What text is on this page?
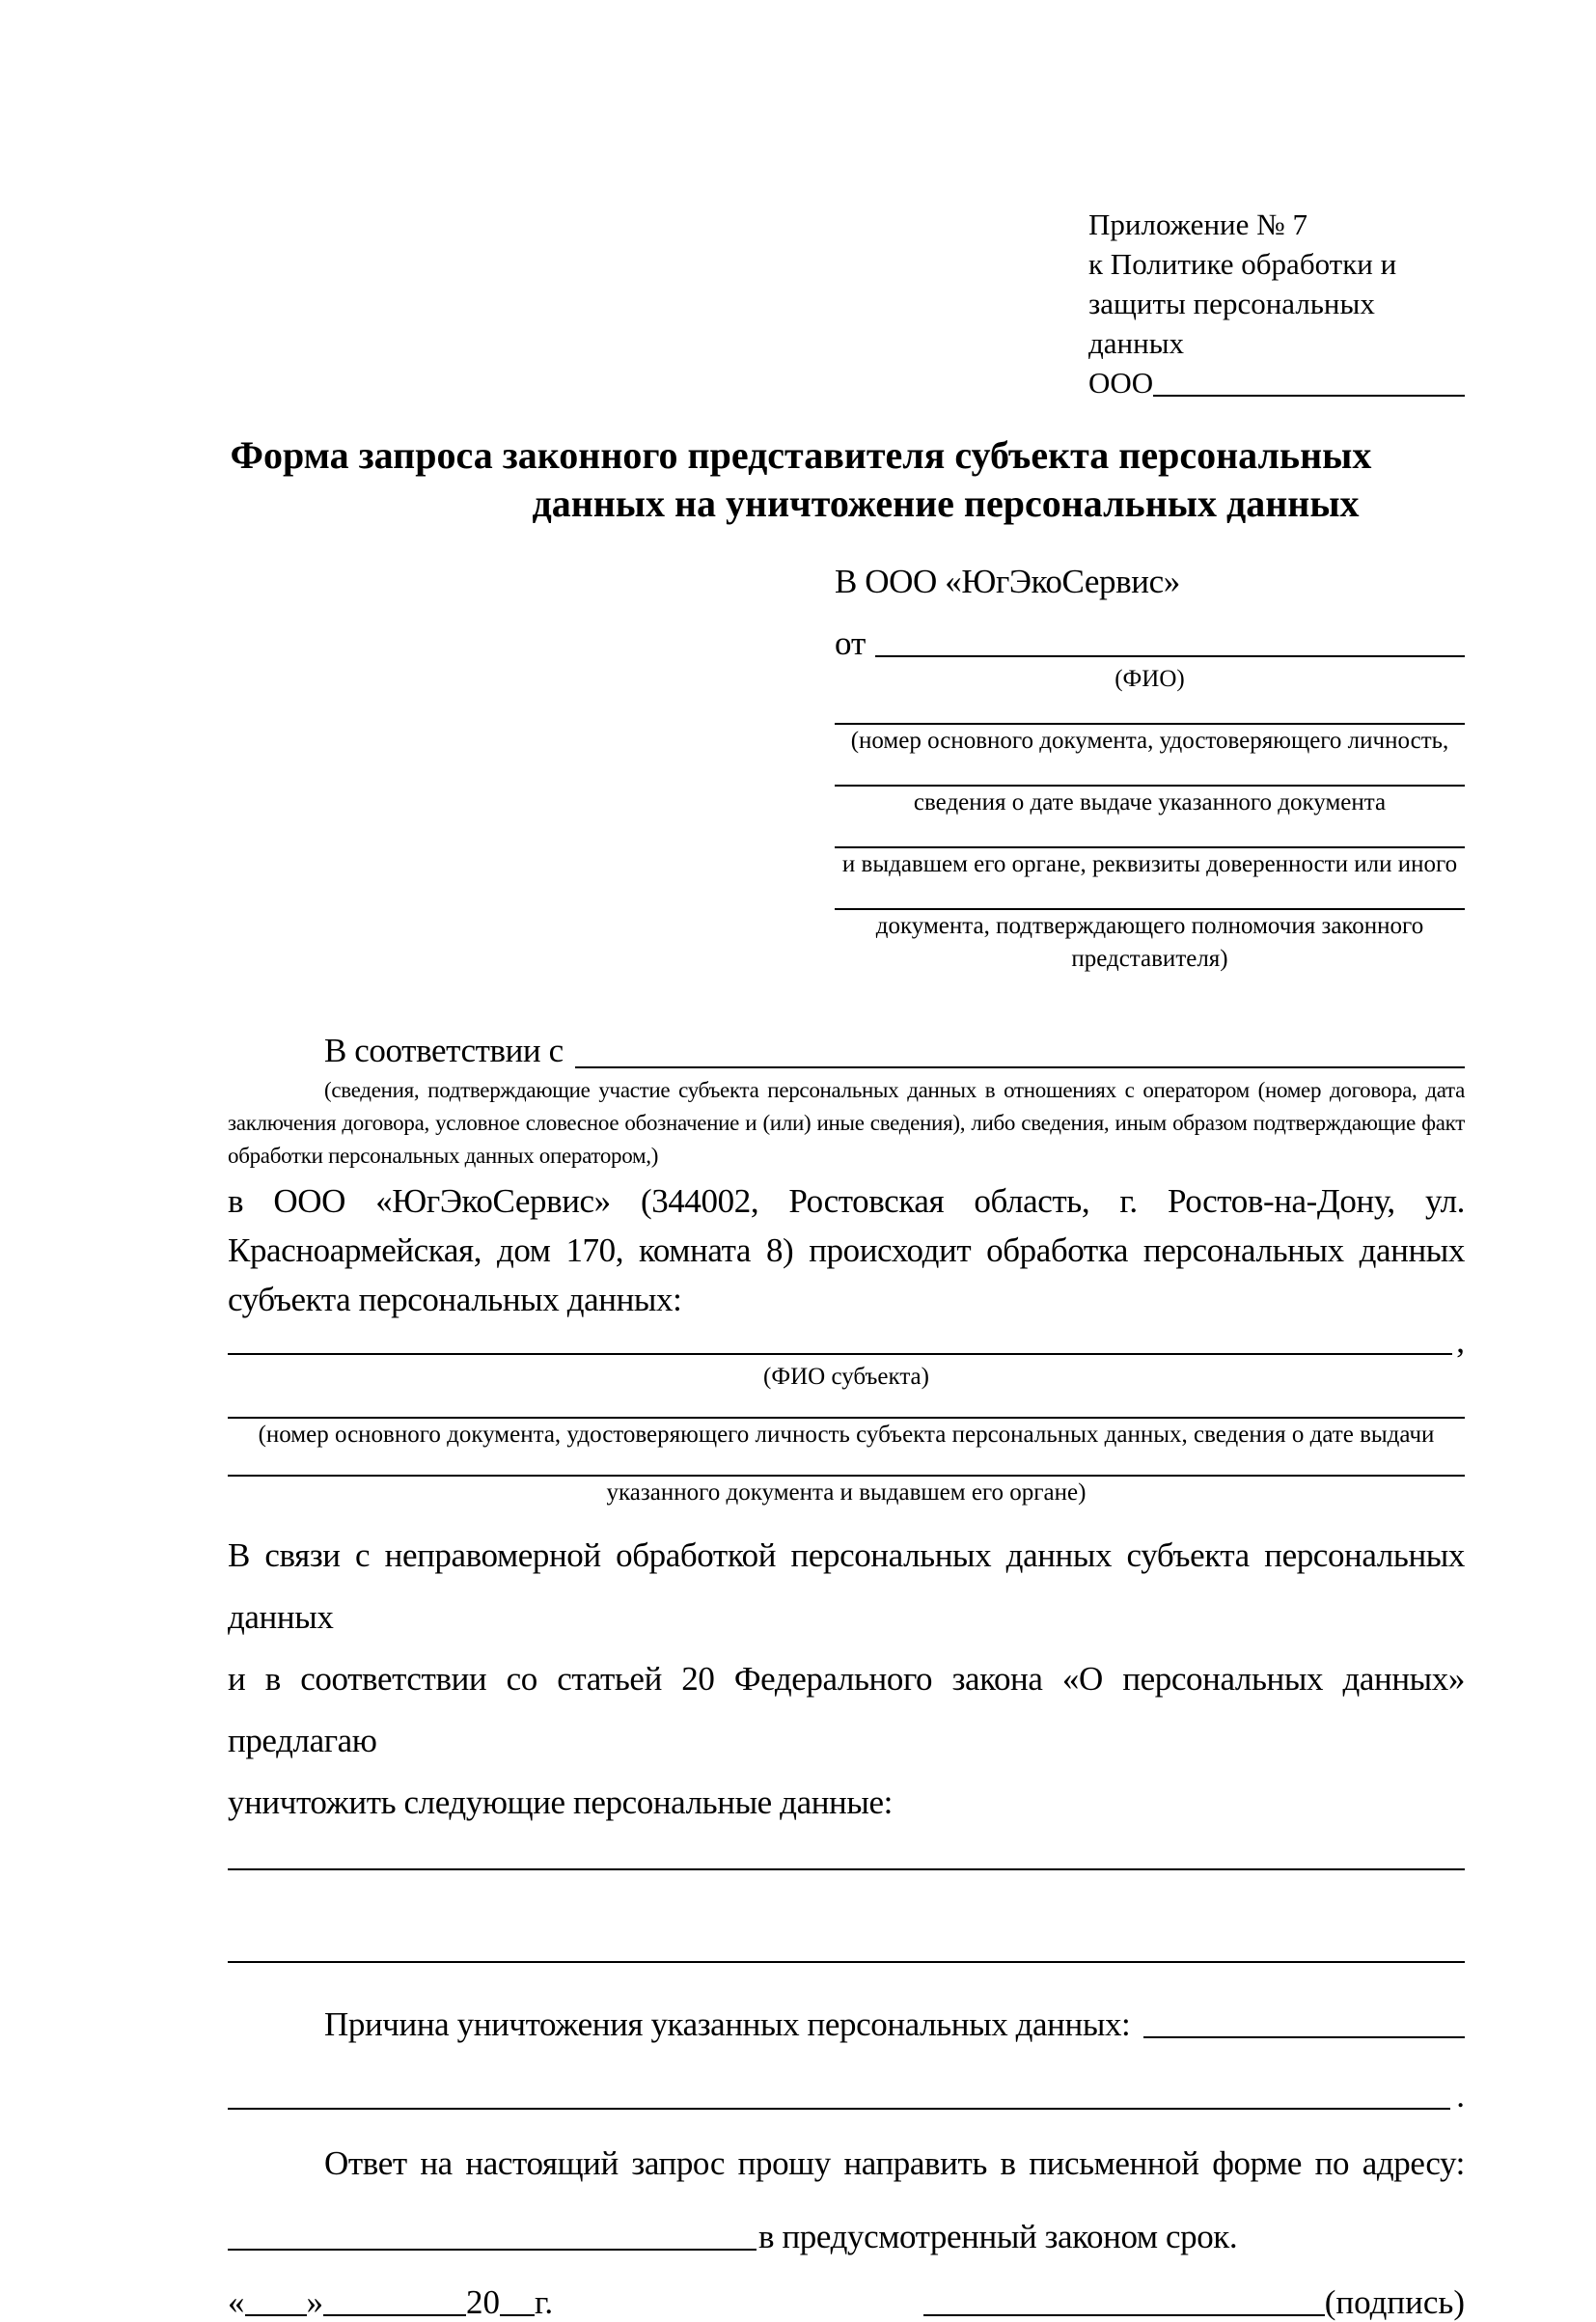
Приложение № 7
к Политике обработки и
защиты персональных данных
ООО
Форма запроса законного представителя субъекта персональных
данных на уничтожение персональных данных
В ООО «ЮгЭкоСервис»
от
(ФИО)
(номер основного документа, удостоверяющего личность,
сведения о дате выдаче указанного документа
и выдавшем его органе, реквизиты доверенности или иного
документа, подтверждающего полномочия законного представителя)
В соответствии с
(сведения, подтверждающие участие субъекта персональных данных в отношениях с оператором (номер договора, дата
заключения договора, условное словесное обозначение и (или) иные сведения), либо сведения, иным образом подтверждающие факт
обработки персональных данных оператором,)
в ООО «ЮгЭкоСервис» (344002, Ростовская область, г. Ростов-на-Дону, ул.
Красноармейская, дом 170, комната 8) происходит обработка персональных данных
субъекта персональных данных:
,
(ФИО субъекта)
(номер основного документа, удостоверяющего личность субъекта персональных данных, сведения о дате выдачи
указанного документа и выдавшем его органе)
В связи с неправомерной обработкой персональных данных субъекта персональных данных
и в соответствии со статьей 20 Федерального закона «О персональных данных» предлагаю
уничтожить следующие персональные данные:
Причина уничтожения указанных персональных данных:
.
Ответ на настоящий запрос прошу направить в письменной форме по адресу:
в предусмотренный законом срок.
« »	20 г.	(подпись)
